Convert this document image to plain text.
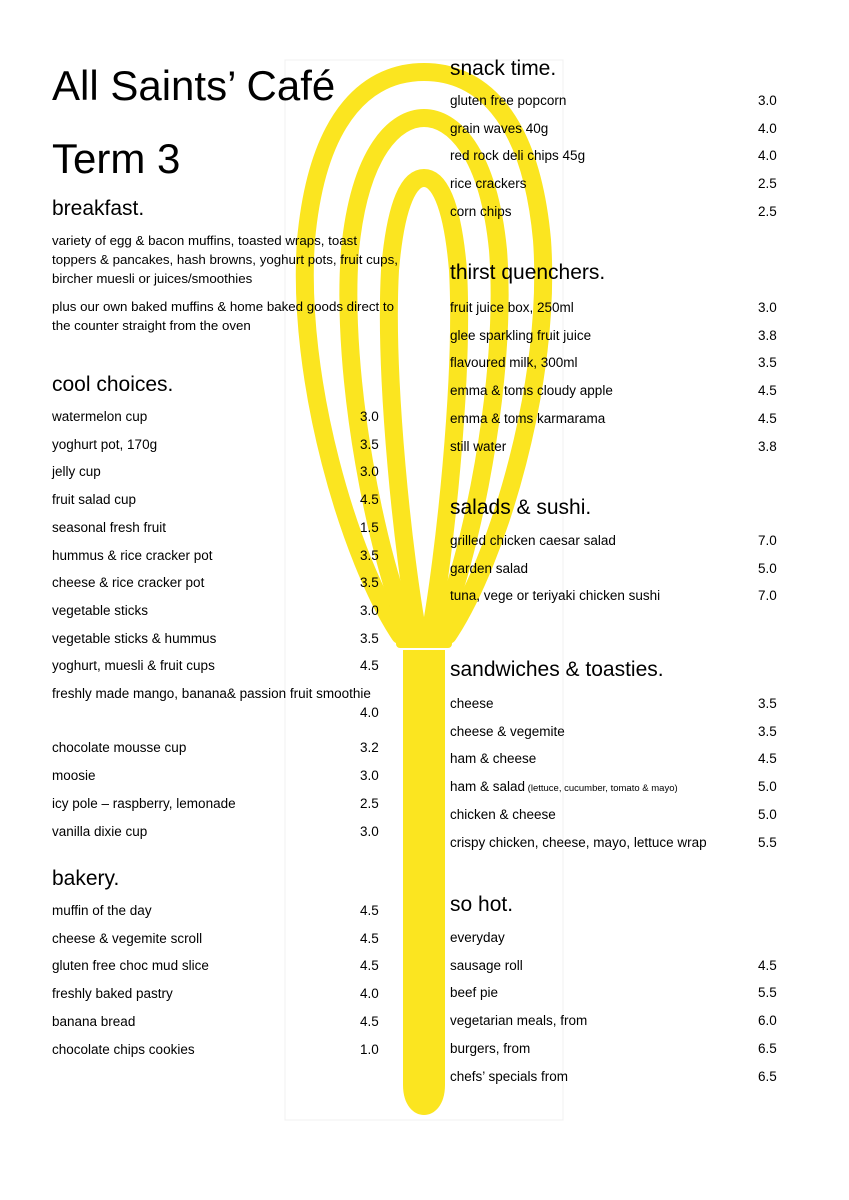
All Saints’ Café
Term 3
breakfast.
variety of egg & bacon muffins, toasted wraps, toast toppers & pancakes, hash browns, yoghurt pots, fruit cups, bircher muesli or juices/smoothies
plus our own baked muffins & home baked goods direct to the counter straight from the oven
cool choices.
watermelon cup	3.0
yoghurt pot, 170g	3.5
jelly cup	3.0
fruit salad cup	4.5
seasonal fresh fruit	1.5
hummus & rice cracker pot	3.5
cheese & rice cracker pot	3.5
vegetable sticks	3.0
vegetable sticks & hummus	3.5
yoghurt, muesli & fruit cups	4.5
freshly made mango, banana& passion fruit smoothie
4.0
chocolate mousse cup	3.2
moosie	3.0
icy pole – raspberry, lemonade	2.5
vanilla dixie cup	3.0
bakery.
muffin of the day	4.5
cheese & vegemite scroll	4.5
gluten free choc mud slice	4.5
freshly baked pastry	4.0
banana bread	4.5
chocolate chips cookies	1.0
snack time.
gluten free popcorn	3.0
grain waves 40g	4.0
red rock deli chips 45g	4.0
rice crackers	2.5
corn chips	2.5
thirst quenchers.
fruit juice box, 250ml	3.0
glee sparkling fruit juice	3.8
flavoured milk, 300ml	3.5
emma & toms cloudy apple	4.5
emma & toms karmarama	4.5
still water	3.8
salads & sushi.
grilled chicken caesar salad	7.0
garden salad	5.0
tuna, vege or teriyaki chicken sushi	7.0
sandwiches & toasties.
cheese	3.5
cheese & vegemite	3.5
ham & cheese	4.5
ham & salad (lettuce, cucumber, tomato & mayo)	5.0
chicken & cheese	5.0
crispy chicken, cheese, mayo, lettuce wrap	5.5
so hot.
everyday
sausage roll	4.5
beef pie	5.5
vegetarian meals, from	6.0
burgers, from	6.5
chefs’ specials from	6.5
